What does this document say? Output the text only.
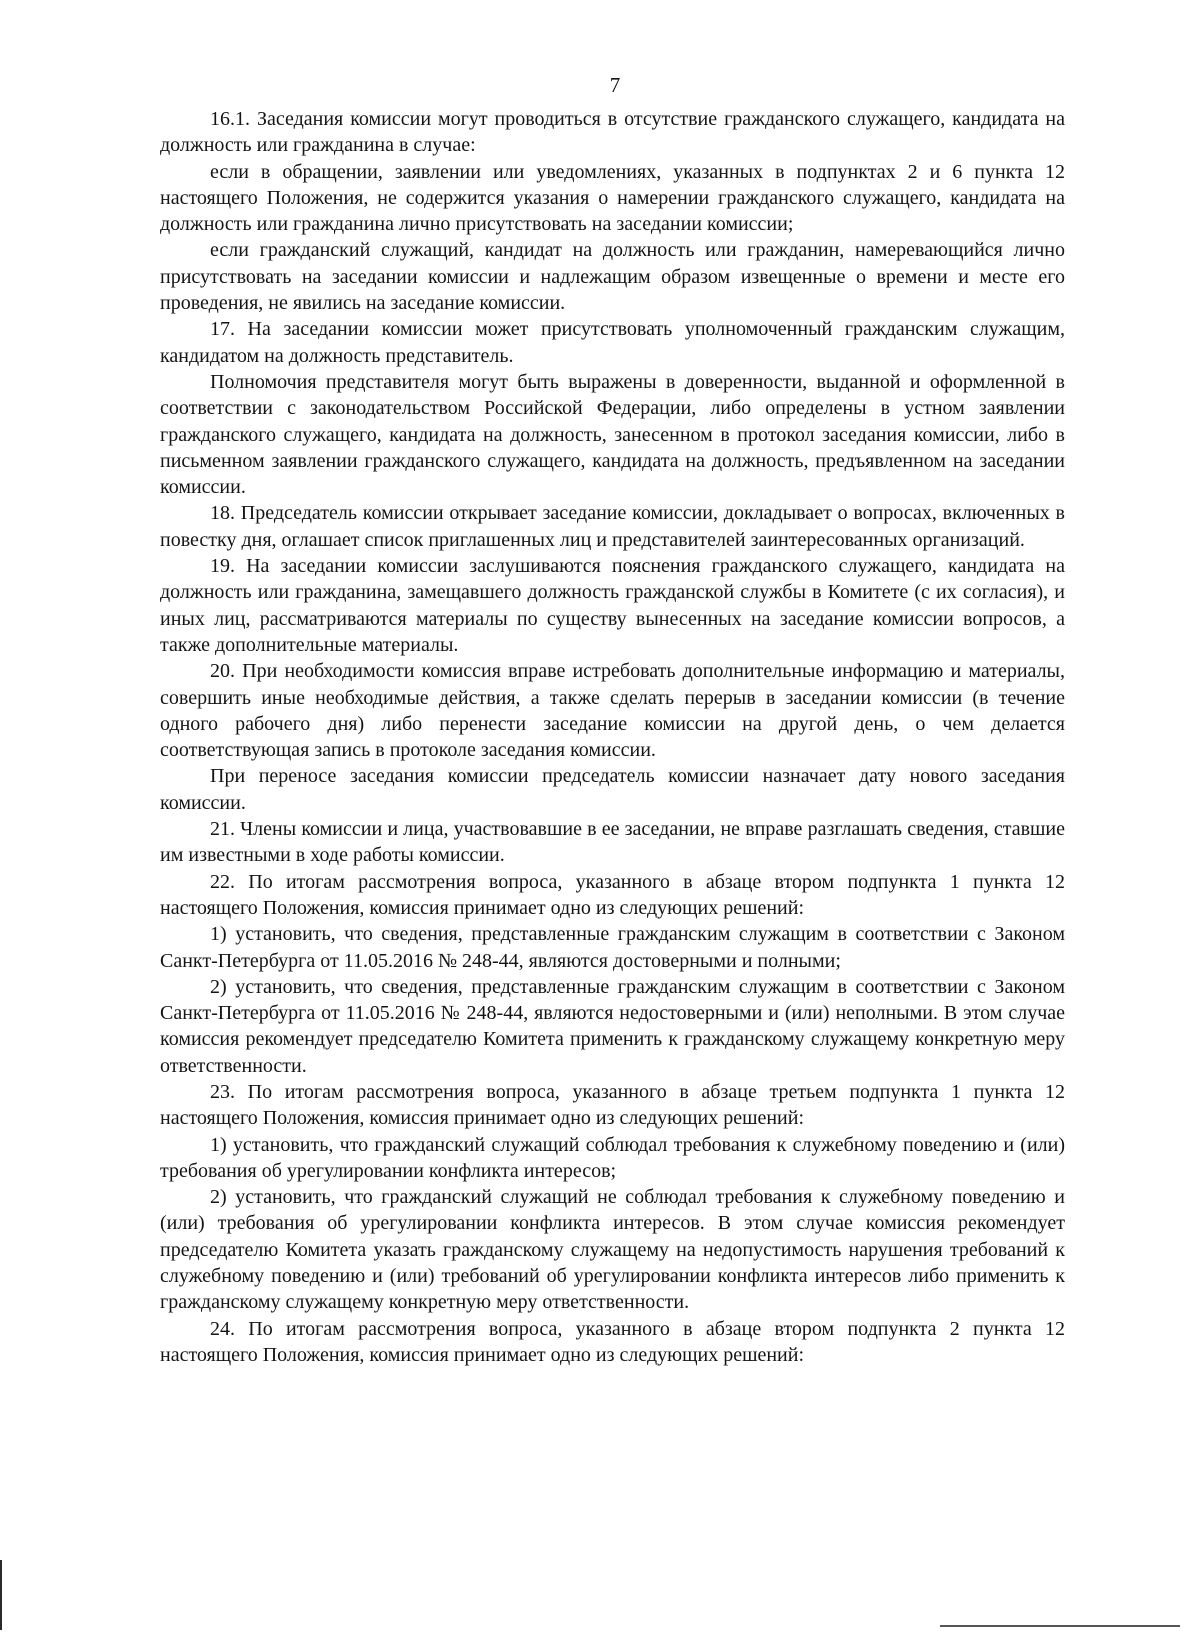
7

16.1. Заседания комиссии могут проводиться в отсутствие гражданского служащего, кандидата на должность или гражданина в случае:

если в обращении, заявлении или уведомлениях, указанных в подпунктах 2 и 6 пункта 12 настоящего Положения, не содержится указания о намерении гражданского служащего, кандидата на должность или гражданина лично присутствовать на заседании комиссии;

если гражданский служащий, кандидат на должность или гражданин, намеревающийся лично присутствовать на заседании комиссии и надлежащим образом извещенные о времени и месте его проведения, не явились на заседание комиссии.

17. На заседании комиссии может присутствовать уполномоченный гражданским служащим, кандидатом на должность представитель.

Полномочия представителя могут быть выражены в доверенности, выданной и оформленной в соответствии с законодательством Российской Федерации, либо определены в устном заявлении гражданского служащего, кандидата на должность, занесенном в протокол заседания комиссии, либо в письменном заявлении гражданского служащего, кандидата на должность, предъявленном на заседании комиссии.

18. Председатель комиссии открывает заседание комиссии, докладывает о вопросах, включенных в повестку дня, оглашает список приглашенных лиц и представителей заинтересованных организаций.

19. На заседании комиссии заслушиваются пояснения гражданского служащего, кандидата на должность или гражданина, замещавшего должность гражданской службы в Комитете (с их согласия), и иных лиц, рассматриваются материалы по существу вынесенных на заседание комиссии вопросов, а также дополнительные материалы.

20. При необходимости комиссия вправе истребовать дополнительные информацию и материалы, совершить иные необходимые действия, а также сделать перерыв в заседании комиссии (в течение одного рабочего дня) либо перенести заседание комиссии на другой день, о чем делается соответствующая запись в протоколе заседания комиссии.

При переносе заседания комиссии председатель комиссии назначает дату нового заседания комиссии.

21. Члены комиссии и лица, участвовавшие в ее заседании, не вправе разглашать сведения, ставшие им известными в ходе работы комиссии.

22. По итогам рассмотрения вопроса, указанного в абзаце втором подпункта 1 пункта 12 настоящего Положения, комиссия принимает одно из следующих решений:

1) установить, что сведения, представленные гражданским служащим в соответствии с Законом Санкт-Петербурга от 11.05.2016 № 248-44, являются достоверными и полными;

2) установить, что сведения, представленные гражданским служащим в соответствии с Законом Санкт-Петербурга от 11.05.2016 № 248-44, являются недостоверными и (или) неполными. В этом случае комиссия рекомендует председателю Комитета применить к гражданскому служащему конкретную меру ответственности.

23. По итогам рассмотрения вопроса, указанного в абзаце третьем подпункта 1 пункта 12 настоящего Положения, комиссия принимает одно из следующих решений:

1) установить, что гражданский служащий соблюдал требования к служебному поведению и (или) требования об урегулировании конфликта интересов;

2) установить, что гражданский служащий не соблюдал требования к служебному поведению и (или) требования об урегулировании конфликта интересов. В этом случае комиссия рекомендует председателю Комитета указать гражданскому служащему на недопустимость нарушения требований к служебному поведению и (или) требований об урегулировании конфликта интересов либо применить к гражданскому служащему конкретную меру ответственности.

24. По итогам рассмотрения вопроса, указанного в абзаце втором подпункта 2 пункта 12 настоящего Положения, комиссия принимает одно из следующих решений:
